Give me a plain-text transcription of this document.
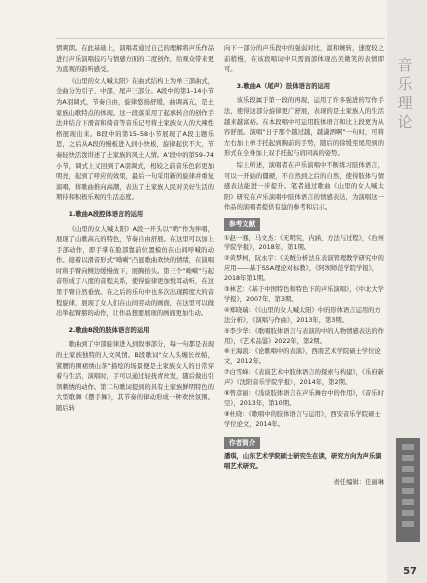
情爽朗。在此基础上，演唱者通过自己的理解将声乐作品进行声乐演唱技巧与情感方面的二度创作，给观众带来更为直观的韵听感受。

《山里的女人喊太阳》在曲式结构上为单三部曲式，全曲分为引子、中部、尾声三部分。A段中的第1–14小节为A羽调式，节奏自由，旋律悠扬舒缓，曲调高亢，是土家族山歌特点的体现。这一段落采用了起承转合的创作手法并结合下滑音和倚音等音乐记号将土家族女人的大辣性格展现出来。B段中的第15–58小节展现了A段主题乐思，之后从A段的慢板进入到小快板，旋律起伏不大，节奏轻快活泼讲述了土家族的风土人情。A’段中的第59–74小节，调式上又回到了A羽调式，相较之前音乐色彩更加明亮，起到了呼应的效果，最后一句采用新的旋律并重复演唱，将歌曲推向高潮，表达了土家族人民对美好生活的期待和积极乐观的生活态度。

1.歌曲A段腔体语言的运用

《山里的女人喊太阳》A段一开头以“哟”作为伴唱，展现了山歌高亢的特色，节奏自由舒展。在这里可以加上手部动作，即手掌在脸部靠前位置模仿在山间呼喊的动作。接着以滑音形式“呦嗬”凸显歌曲欢快的情绪，在演唱时将手臂向侧边缓慢放下，展胸抬头。第三个“呦嗬”与起音形成了八度的音程关系，使得旋律更加悦耳动听，在这里手臂自然垂放。在之后的乐句中也多次出现跨度大的音程旋律，展现了女人们在山间劳动的画面，在这里可以做出举起臂膀的动作，让作品想要展现的画面更加生动。

2.歌曲B段的肢体语言的运用

歌曲到了中部旋律进入到叙事部分，每一句都是表现的土家族独特的人文风情。B段歌词“女人头缠长丝帕，紧腰的围裙绣山茶”描绘的场景便是土家族女人的日常穿着与生活，演唱时，手可以通过轻抚青丝发，随后做出引领刺绣的动作。第二句歌词提到的具有土家族鲜明特色的大型歌舞《摆手舞》，其节奏的律动形成一种欢快氛围。随后转

向下一部分的声乐段中的强弱对比，温和婉转，速度较之前稍慢，在该段唱词中只需面部体现出美微笑的表情即可。

3.歌曲A（尾声）肢体语言的运用

该乐段属于第一段的再现，运用了许多强进的写作手法，使得这部分旋律更广舒展，表现的是土家族人的生活越来越富裕。在本段唱中可运用肢体语言和比上段更为从容舒展。演唱“日子那个越过越，越潇洒啊”一句时，可将左右加上单手托起到胸前的手势，随后的徐缓至尾用到的形式在全身加上双手托起与肩同高的姿势。

综上所述，演唱者在声乐演唱中不断练习肢体语言，可以一开始的僵硬，不自然到之后的自然，使得肢体与情感表达能进一步提升。笔者通过歌曲《山里的女人喊太阳》研究在声乐演唱中肢体语言的情感表达，为演唱这一作品的演唱者提供有益的参考和启示。

参考文献
①赵一骞，马文杰：《无明究，内涵、方法与过程》，《台州学院学报》，2018年，第1期。
②黄梦柯，阮永宇：《关贼分析法在表演管理教学研究中的应用——基于SSA理论对标教》，《阿坝师范学院学报》，2018年第1期。
③林艺：《基于中国特色和特色下的声乐演唱》，《中北大学学报》，2007年，第3期。
④郑晓瑞：《《山里的女人喊太阳》中的形体语言运用的方法分析》，《演唱与作曲》，2013年，第3期。
⑤李少华：《歌唱肢体语言与表演的中的人物情感表达的作用》，《艺术品鉴》2022年，第2期。
⑥王海流：《论歌唱中的表演》，西南艺术学院硕士学位论文，2012年。
⑦白雪峰：《表演艺术中肢体语言的探索与构建》，《乐府新声》（沈阳音乐学院学报），2014年，第2期。
⑧曾彦丽：《浅谈肢体语言在声乐舞台中的作用》，《音乐时空》，2013年，第10期。
⑨杜晓：《歌唱中的肢体语言与运用》，西安音乐学院硕士学位论文，2014年。
作者简介

潘琪，山东艺术学院硕士研究生在读，研究方向为声乐演唱艺术研究。

责任编辑：任丽琳
音
乐
理
论
57
